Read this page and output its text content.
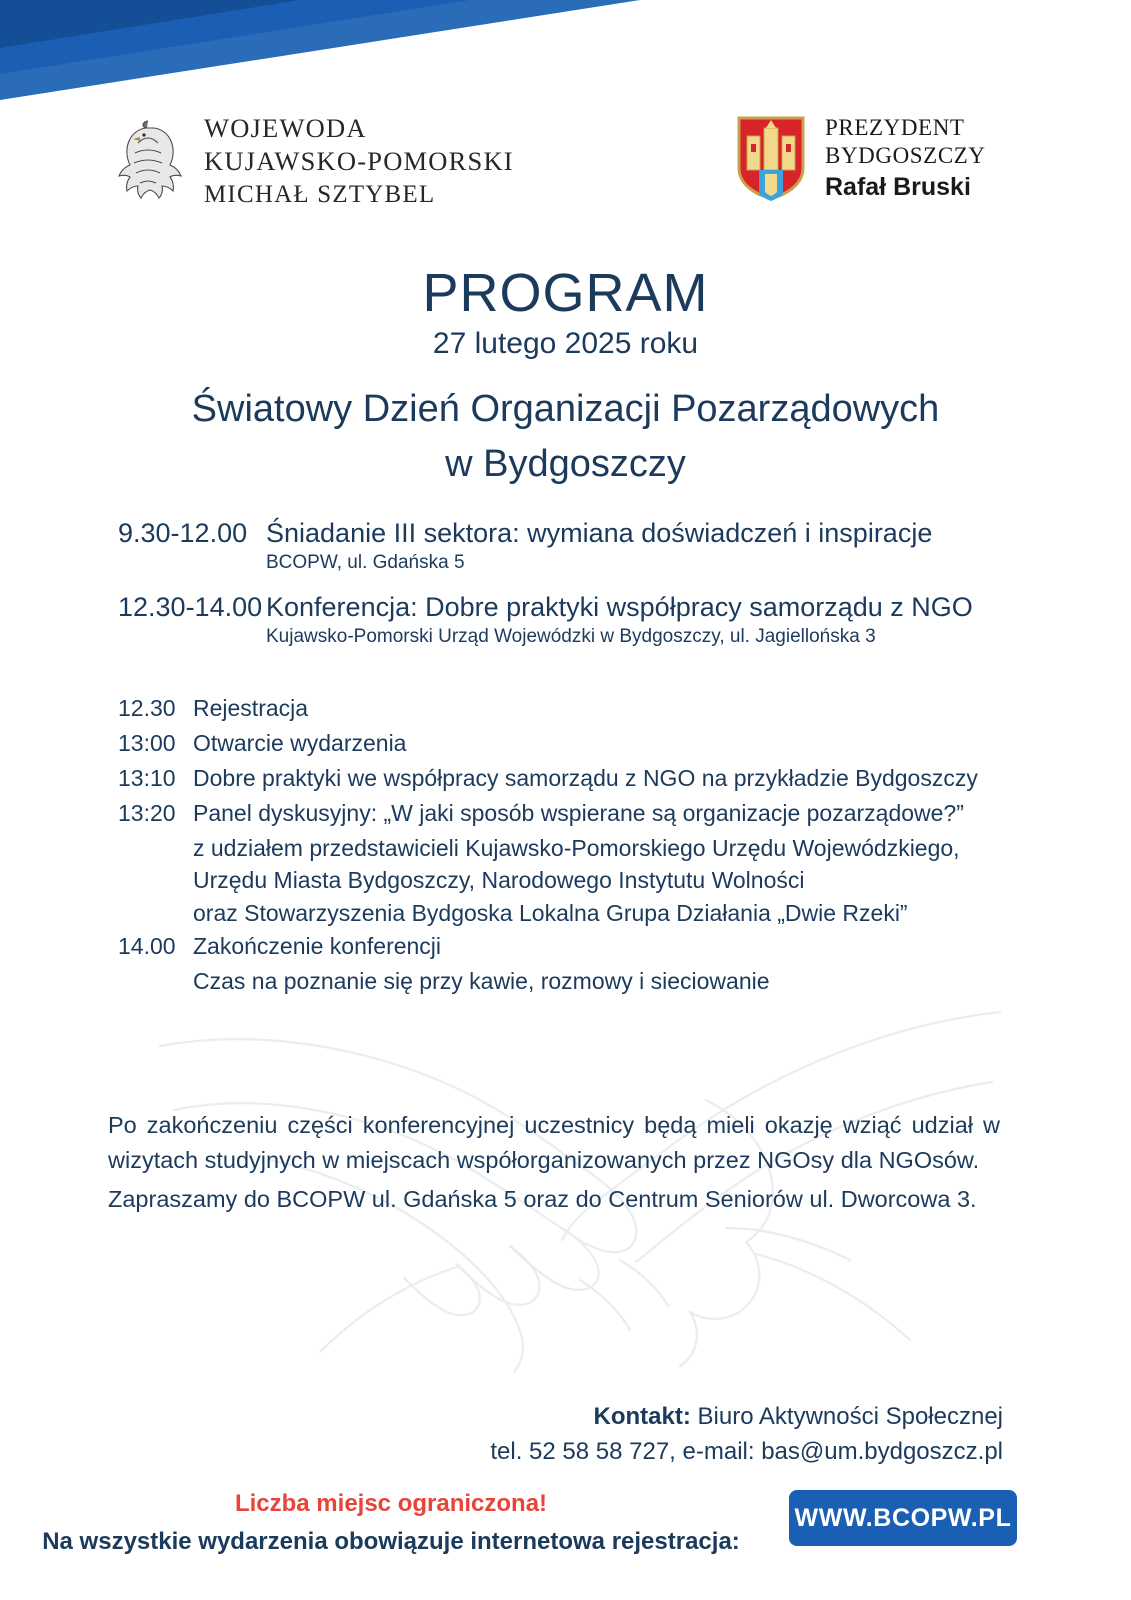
WOJEWODA
KUJAWSKO-POMORSKI
MICHAŁ SZTYBEL
PREZYDENT
BYDGOSZCZY
Rafał Bruski
PROGRAM
27 lutego 2025 roku
Światowy Dzień Organizacji Pozarządowych
w Bydgoszczy
9.30-12.00 Śniadanie III sektora: wymiana doświadczeń i inspiracje
BCOPW, ul. Gdańska 5
12.30-14.00 Konferencja: Dobre praktyki współpracy samorządu z NGO
Kujawsko-Pomorski Urząd Wojewódzki w Bydgoszczy, ul. Jagiellońska 3
12.30 Rejestracja
13:00 Otwarcie wydarzenia
13:10 Dobre praktyki we współpracy samorządu z NGO na przykładzie Bydgoszczy
13:20 Panel dyskusyjny: „W jaki sposób wspierane są organizacje pozarządowe?”
z udziałem przedstawicieli Kujawsko-Pomorskiego Urzędu Wojewódzkiego,
Urzędu Miasta Bydgoszczy, Narodowego Instytutu Wolności
oraz Stowarzyszenia Bydgoska Lokalna Grupa Działania „Dwie Rzeki”
14.00 Zakończenie konferencji
Czas na poznanie się przy kawie, rozmowy i sieciowanie
Po zakończeniu części konferencyjnej uczestnicy będą mieli okazję wziąć udział w wizytach studyjnych w miejscach współorganizowanych przez NGOsy dla NGOsów.
Zapraszamy do BCOPW ul. Gdańska 5 oraz do Centrum Seniorów ul. Dworcowa 3.
Kontakt: Biuro Aktywności Społecznej
tel. 52 58 58 727, e-mail: bas@um.bydgoszcz.pl
Liczba miejsc ograniczona!
Na wszystkie wydarzenia obowiązuje internetowa rejestracja:
WWW.BCOPW.PL
